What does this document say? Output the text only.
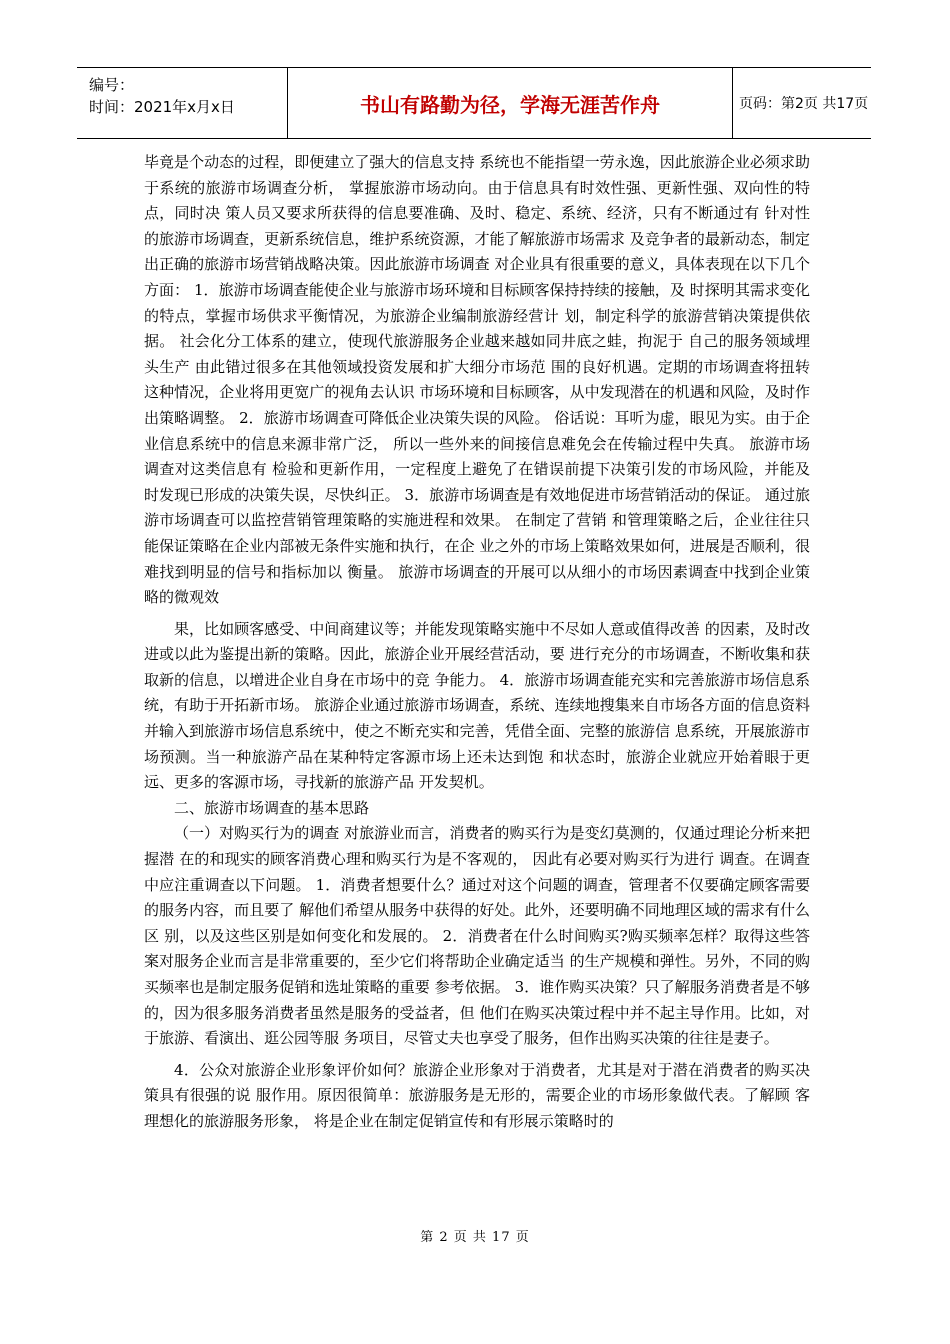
编号：
时间：2021年x月x日	书山有路勤为径，学海无涯苦作舟	页码：第2页 共17页

毕竟是个动态的过程，即便建立了强大的信息支持 系统也不能指望一劳永逸，因此旅游企业必须求助于系统的旅游市场调查分析， 掌握旅游市场动向。由于信息具有时效性强、更新性强、双向性的特点，同时决 策人员又要求所获得的信息要准确、及时、稳定、系统、经济，只有不断通过有 针对性的旅游市场调查，更新系统信息，维护系统资源，才能了解旅游市场需求 及竞争者的最新动态，制定出正确的旅游市场营销战略决策。因此旅游市场调查 对企业具有很重要的意义，具体表现在以下几个方面： 1．旅游市场调查能使企业与旅游市场环境和目标顾客保持持续的接触，及 时探明其需求变化的特点，掌握市场供求平衡情况，为旅游企业编制旅游经营计 划，制定科学的旅游营销决策提供依据。 社会化分工体系的建立，使现代旅游服务企业越来越如同井底之蛙，拘泥于 自己的服务领域埋头生产 由此错过很多在其他领域投资发展和扩大细分市场范 围的良好机遇。定期的市场调查将扭转这种情况，企业将用更宽广的视角去认识 市场环境和目标顾客，从中发现潜在的机遇和风险，及时作出策略调整。 2．旅游市场调查可降低企业决策失误的风险。 俗话说：耳听为虚，眼见为实。由于企业信息系统中的信息来源非常广泛， 所以一些外来的间接信息难免会在传输过程中失真。 旅游市场调查对这类信息有 检验和更新作用，一定程度上避免了在错误前提下决策引发的市场风险，并能及 时发现已形成的决策失误，尽快纠正。 3．旅游市场调查是有效地促进市场营销活动的保证。 通过旅游市场调查可以监控营销管理策略的实施进程和效果。 在制定了营销 和管理策略之后，企业往往只能保证策略在企业内部被无条件实施和执行，在企 业之外的市场上策略效果如何，进展是否顺利，很难找到明显的信号和指标加以 衡量。 旅游市场调查的开展可以从细小的市场因素调查中找到企业策略的微观效

果，比如顾客感受、中间商建议等；并能发现策略实施中不尽如人意或值得改善 的因素，及时改进或以此为鉴提出新的策略。因此，旅游企业开展经营活动，要 进行充分的市场调查，不断收集和获取新的信息，以增进企业自身在市场中的竞 争能力。 4．旅游市场调查能充实和完善旅游市场信息系统，有助于开拓新市场。 旅游企业通过旅游市场调查，系统、连续地搜集来自市场各方面的信息资料 并输入到旅游市场信息系统中，使之不断充实和完善，凭借全面、完整的旅游信 息系统，开展旅游市场预测。当一种旅游产品在某种特定客源市场上还未达到饱 和状态时，旅游企业就应开始着眼于更远、更多的客源市场，寻找新的旅游产品 开发契机。

二、旅游市场调查的基本思路

（一）对购买行为的调查 对旅游业而言，消费者的购买行为是变幻莫测的，仅通过理论分析来把握潜 在的和现实的顾客消费心理和购买行为是不客观的， 因此有必要对购买行为进行 调查。在调查中应注重调查以下问题。 1．消费者想要什么？通过对这个问题的调查，管理者不仅要确定顾客需要的服务内容，而且要了 解他们希望从服务中获得的好处。此外，还要明确不同地理区域的需求有什么区 别，以及这些区别是如何变化和发展的。 2．消费者在什么时间购买?购买频率怎样？取得这些答案对服务企业而言是非常重要的，至少它们将帮助企业确定适当 的生产规模和弹性。另外，不同的购买频率也是制定服务促销和选址策略的重要 参考依据。 3．谁作购买决策？只了解服务消费者是不够的，因为很多服务消费者虽然是服务的受益者，但 他们在购买决策过程中并不起主导作用。比如，对于旅游、看演出、逛公园等服 务项目，尽管丈夫也享受了服务，但作出购买决策的往往是妻子。

4．公众对旅游企业形象评价如何？旅游企业形象对于消费者，尤其是对于潜在消费者的购买决策具有很强的说 服作用。原因很简单：旅游服务是无形的，需要企业的市场形象做代表。了解顾 客理想化的旅游服务形象， 将是企业在制定促销宣传和有形展示策略时的

第 2 页 共 17 页
